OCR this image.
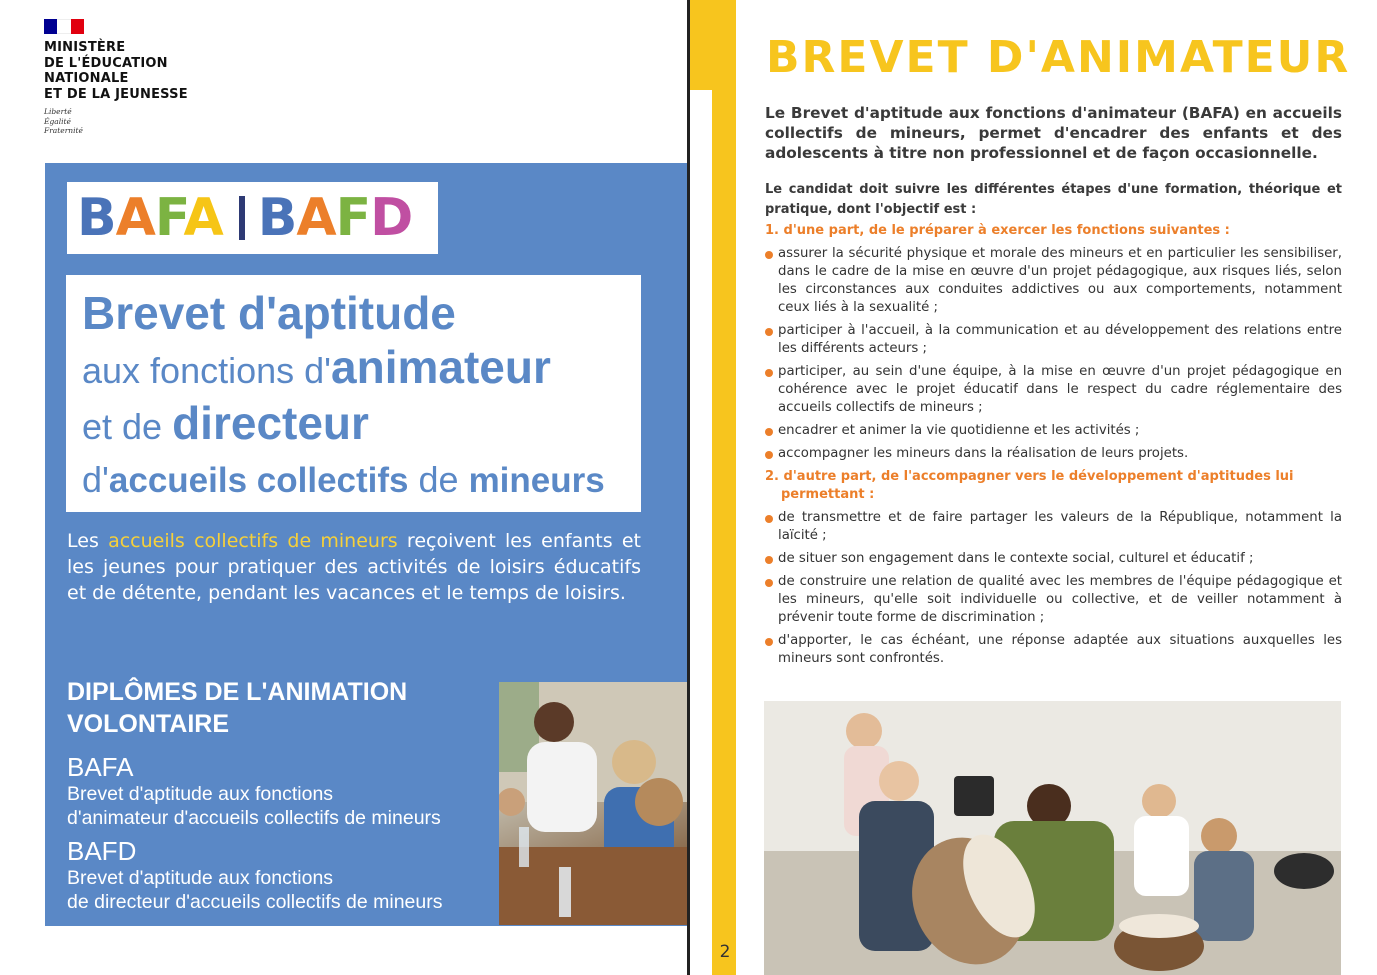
MINISTÈRE
DE L'ÉDUCATION
NATIONALE
ET DE LA JEUNESSE
Liberté
Égalité
Fraternité
BAFA BAFD
Brevet d'aptitude
aux fonctions d'animateur
et de directeur
d'accueils collectifs de mineurs

Les accueils collectifs de mineurs reçoivent les enfants et les jeunes pour pratiquer des activités de loisirs éducatifs et de détente, pendant les vacances et le temps de loisirs.

DIPLÔMES DE L'ANIMATION VOLONTAIRE
BAFA
Brevet d'aptitude aux fonctions
d'animateur d'accueils collectifs de mineurs
BAFD
Brevet d'aptitude aux fonctions
de directeur d'accueils collectifs de mineurs
2
BREVET D'ANIMATEUR

Le Brevet d'aptitude aux fonctions d'animateur (BAFA) en accueils collectifs de mineurs, permet d'encadrer des enfants et des adolescents à titre non professionnel et de façon occasionnelle.

Le candidat doit suivre les différentes étapes d'une formation, théorique et pratique, dont l'objectif est :

1. d'une part, de le préparer à exercer les fonctions suivantes :
assurer la sécurité physique et morale des mineurs et en particulier les sensibiliser, dans le cadre de la mise en œuvre d'un projet pédagogique, aux risques liés, selon les circonstances aux conduites addictives ou aux comportements, notamment ceux liés à la sexualité ;
participer à l'accueil, à la communication et au développement des relations entre les différents acteurs ;
participer, au sein d'une équipe, à la mise en œuvre d'un projet pédagogique en cohérence avec le projet éducatif dans le respect du cadre réglementaire des accueils collectifs de mineurs ;
encadrer et animer la vie quotidienne et les activités ;
accompagner les mineurs dans la réalisation de leurs projets.
2. d'autre part, de l'accompagner vers le développement d'aptitudes lui
permettant :
de transmettre et de faire partager les valeurs de la République, notamment la laïcité ;
de situer son engagement dans le contexte social, culturel et éducatif ;
de construire une relation de qualité avec les membres de l'équipe pédagogique et les mineurs, qu'elle soit individuelle ou collective, et de veiller notamment à prévenir toute forme de discrimination ;
d'apporter, le cas échéant, une réponse adaptée aux situations auxquelles les mineurs sont confrontés.
